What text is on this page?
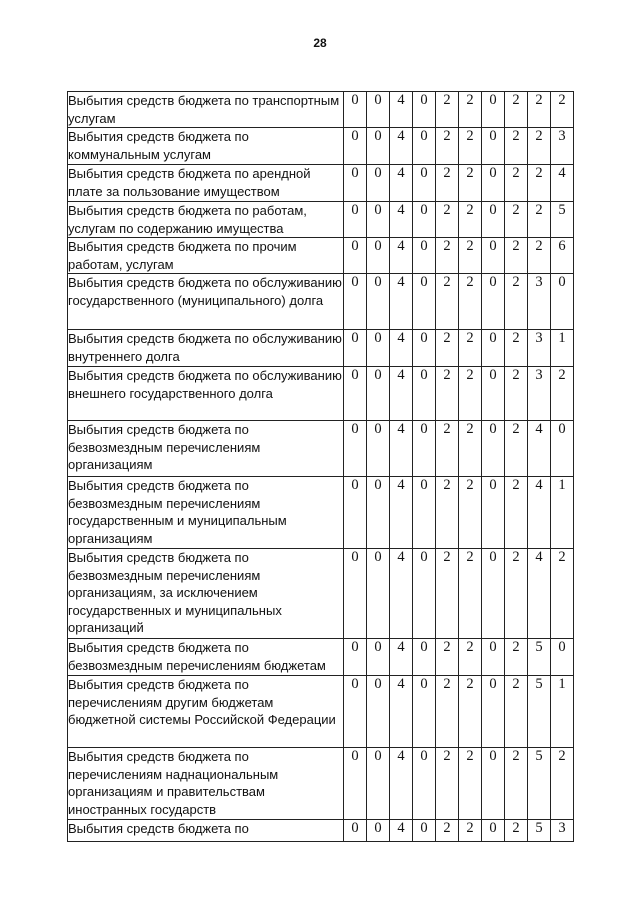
28
Выбытия средств бюджета по транспортным услугам	0	0	4	0	2	2	0	2	2	2
Выбытия средств бюджета по коммунальным услугам	0	0	4	0	2	2	0	2	2	3
Выбытия средств бюджета по арендной плате за пользование имуществом	0	0	4	0	2	2	0	2	2	4
Выбытия средств бюджета по работам, услугам по содержанию имущества	0	0	4	0	2	2	0	2	2	5
Выбытия средств бюджета по прочим работам, услугам	0	0	4	0	2	2	0	2	2	6
Выбытия средств бюджета по обслуживанию государственного (муниципального) долга	0	0	4	0	2	2	0	2	3	0
Выбытия средств бюджета по обслуживанию внутреннего долга	0	0	4	0	2	2	0	2	3	1
Выбытия средств бюджета по обслуживанию внешнего государственного долга	0	0	4	0	2	2	0	2	3	2
Выбытия средств бюджета по безвозмездным перечислениям организациям	0	0	4	0	2	2	0	2	4	0
Выбытия средств бюджета по безвозмездным перечислениям государственным и муниципальным организациям	0	0	4	0	2	2	0	2	4	1
Выбытия средств бюджета по безвозмездным перечислениям организациям, за исключением государственных и муниципальных организаций	0	0	4	0	2	2	0	2	4	2
Выбытия средств бюджета по безвозмездным перечислениям бюджетам	0	0	4	0	2	2	0	2	5	0
Выбытия средств бюджета по перечислениям другим бюджетам бюджетной системы Российской Федерации	0	0	4	0	2	2	0	2	5	1
Выбытия средств бюджета по перечислениям наднациональным организациям и правительствам иностранных государств	0	0	4	0	2	2	0	2	5	2
Выбытия средств бюджета по	0	0	4	0	2	2	0	2	5	3
